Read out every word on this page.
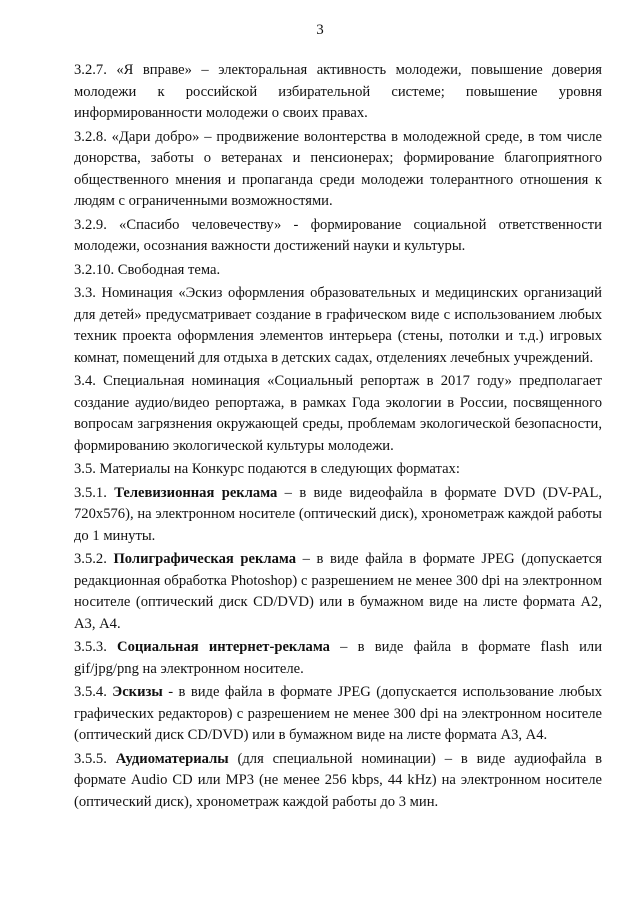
3

3.2.7. «Я вправе» – электоральная активность молодежи, повышение доверия молодежи к российской избирательной системе; повышение уровня информированности молодежи о своих правах.

3.2.8. «Дари добро» – продвижение волонтерства в молодежной среде, в том числе донорства, заботы о ветеранах и пенсионерах; формирование благоприятного общественного мнения и пропаганда среди молодежи толерантного отношения к людям с ограниченными возможностями.

3.2.9. «Спасибо человечеству» - формирование социальной ответственности молодежи, осознания важности достижений науки и культуры.

3.2.10. Свободная тема.

3.3. Номинация «Эскиз оформления образовательных и медицинских организаций для детей» предусматривает создание в графическом виде с использованием любых техник проекта оформления элементов интерьера (стены, потолки и т.д.) игровых комнат, помещений для отдыха в детских садах, отделениях лечебных учреждений.

3.4. Специальная номинация «Социальный репортаж в 2017 году» предполагает создание аудио/видео репортажа, в рамках Года экологии в России, посвященного вопросам загрязнения окружающей среды, проблемам экологической безопасности, формированию экологической культуры молодежи.

3.5. Материалы на Конкурс подаются в следующих форматах:

3.5.1. Телевизионная реклама – в виде видеофайла в формате DVD (DV-PAL, 720x576), на электронном носителе (оптический диск), хронометраж каждой работы до 1 минуты.

3.5.2. Полиграфическая реклама – в виде файла в формате JPEG (допускается редакционная обработка Photoshop) с разрешением не менее 300 dpi на электронном носителе (оптический диск CD/DVD) или в бумажном виде на листе формата А2, А3, А4.

3.5.3. Социальная интернет-реклама – в виде файла в формате flash или gif/jpg/png на электронном носителе.

3.5.4. Эскизы - в виде файла в формате JPEG (допускается использование любых графических редакторов) с разрешением не менее 300 dpi на электронном носителе (оптический диск CD/DVD) или в бумажном виде на листе формата А3, А4.

3.5.5. Аудиоматериалы (для специальной номинации) – в виде аудиофайла в формате Audio CD или MP3 (не менее 256 kbps, 44 kHz) на электронном носителе (оптический диск), хронометраж каждой работы до 3 мин.
